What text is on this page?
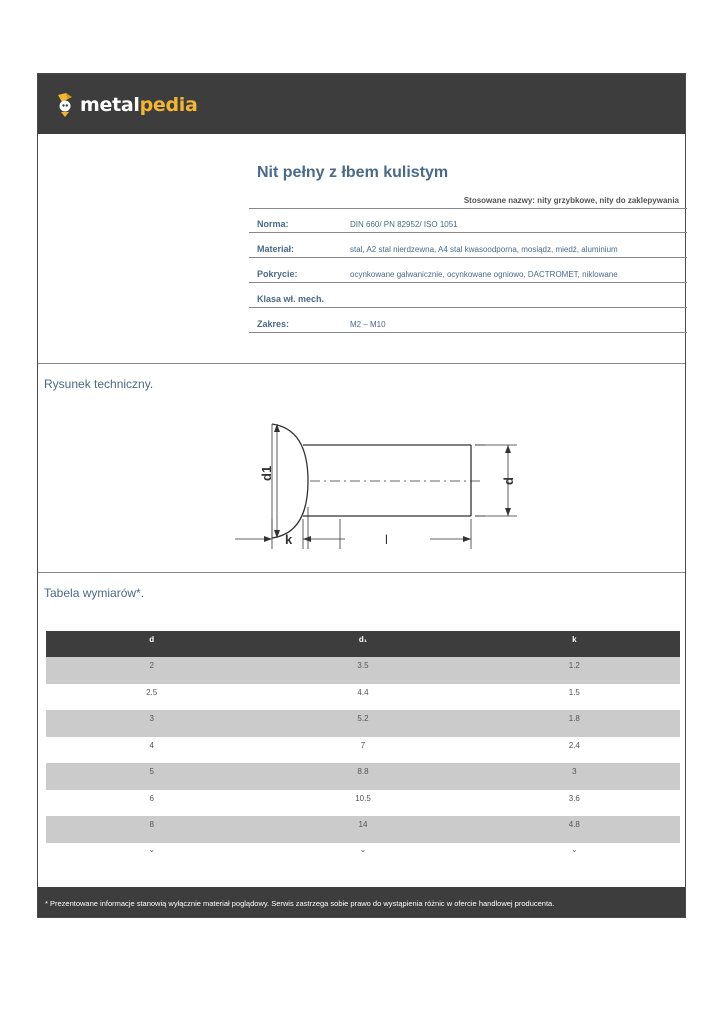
metalpedia
Nit pełny z łbem kulistym
Stosowane nazwy: nity grzybkowe, nity do zaklepywania
Norma:	DIN 660/ PN 82952/ ISO 1051
Materiał:	stal, A2 stal nierdzewna, A4 stal kwasoodporna, mosiądz, miedź, aluminium
Pokrycie:	ocynkowane galwanicznie, ocynkowane ogniowo, DACTROMET, niklowane
Klasa wł. mech.
Zakres:	M2 – M10
Rysunek techniczny.
d1	d
k	l
Tabela wymiarów*.
d	d₁	k
2	3.5	1.2
2.5	4.4	1.5
3	5.2	1.8
4	7	2.4
5	8.8	3
6	10.5	3.6
8	14	4.8
⌄	⌄	⌄
* Prezentowane informacje stanowią wyłącznie materiał poglądowy. Serwis zastrzega sobie prawo do wystąpienia różnic w ofercie handlowej producenta.
